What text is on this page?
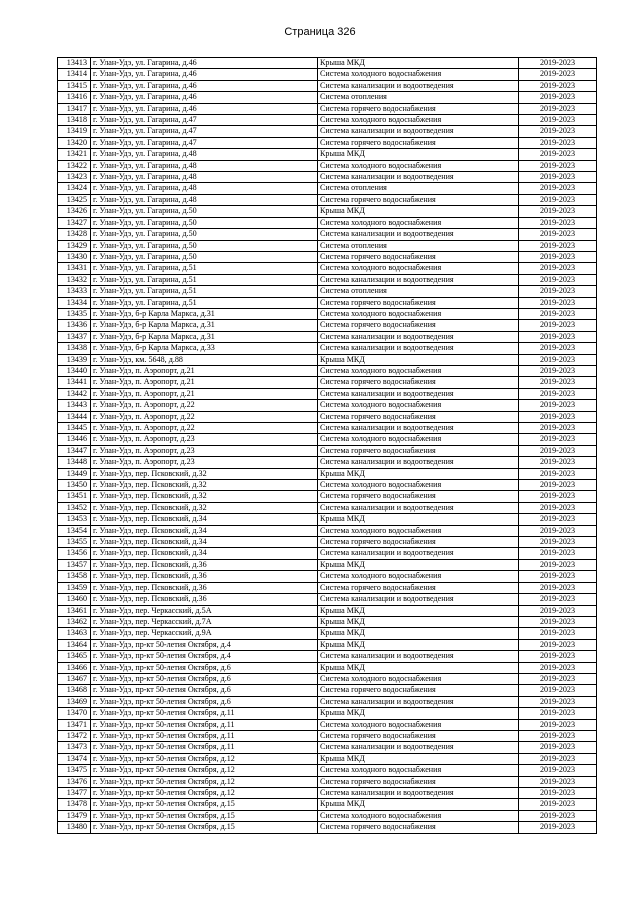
Страница 326
13413	г. Улан-Удэ, ул. Гагарина, д.46	Крыша МКД	2019-2023
13414	г. Улан-Удэ, ул. Гагарина, д.46	Система холодного водоснабжения	2019-2023
13415	г. Улан-Удэ, ул. Гагарина, д.46	Система канализации и водоотведения	2019-2023
13416	г. Улан-Удэ, ул. Гагарина, д.46	Система отопления	2019-2023
13417	г. Улан-Удэ, ул. Гагарина, д.46	Система горячего водоснабжения	2019-2023
13418	г. Улан-Удэ, ул. Гагарина, д.47	Система холодного водоснабжения	2019-2023
13419	г. Улан-Удэ, ул. Гагарина, д.47	Система канализации и водоотведения	2019-2023
13420	г. Улан-Удэ, ул. Гагарина, д.47	Система горячего водоснабжения	2019-2023
13421	г. Улан-Удэ, ул. Гагарина, д.48	Крыша МКД	2019-2023
13422	г. Улан-Удэ, ул. Гагарина, д.48	Система холодного водоснабжения	2019-2023
13423	г. Улан-Удэ, ул. Гагарина, д.48	Система канализации и водоотведения	2019-2023
13424	г. Улан-Удэ, ул. Гагарина, д.48	Система отопления	2019-2023
13425	г. Улан-Удэ, ул. Гагарина, д.48	Система горячего водоснабжения	2019-2023
13426	г. Улан-Удэ, ул. Гагарина, д.50	Крыша МКД	2019-2023
13427	г. Улан-Удэ, ул. Гагарина, д.50	Система холодного водоснабжения	2019-2023
13428	г. Улан-Удэ, ул. Гагарина, д.50	Система канализации и водоотведения	2019-2023
13429	г. Улан-Удэ, ул. Гагарина, д.50	Система отопления	2019-2023
13430	г. Улан-Удэ, ул. Гагарина, д.50	Система горячего водоснабжения	2019-2023
13431	г. Улан-Удэ, ул. Гагарина, д.51	Система холодного водоснабжения	2019-2023
13432	г. Улан-Удэ, ул. Гагарина, д.51	Система канализации и водоотведения	2019-2023
13433	г. Улан-Удэ, ул. Гагарина, д.51	Система отопления	2019-2023
13434	г. Улан-Удэ, ул. Гагарина, д.51	Система горячего водоснабжения	2019-2023
13435	г. Улан-Удэ, б-р Карла Маркса, д.31	Система холодного водоснабжения	2019-2023
13436	г. Улан-Удэ, б-р Карла Маркса, д.31	Система горячего водоснабжения	2019-2023
13437	г. Улан-Удэ, б-р Карла Маркса, д.31	Система канализации и водоотведения	2019-2023
13438	г. Улан-Удэ, б-р Карла Маркса, д.33	Система канализации и водоотведения	2019-2023
13439	г. Улан-Удэ, км. 5648, д.88	Крыша МКД	2019-2023
13440	г. Улан-Удэ, п. Аэропорт, д.21	Система холодного водоснабжения	2019-2023
13441	г. Улан-Удэ, п. Аэропорт, д.21	Система горячего водоснабжения	2019-2023
13442	г. Улан-Удэ, п. Аэропорт, д.21	Система канализации и водоотведения	2019-2023
13443	г. Улан-Удэ, п. Аэропорт, д.22	Система холодного водоснабжения	2019-2023
13444	г. Улан-Удэ, п. Аэропорт, д.22	Система горячего водоснабжения	2019-2023
13445	г. Улан-Удэ, п. Аэропорт, д.22	Система канализации и водоотведения	2019-2023
13446	г. Улан-Удэ, п. Аэропорт, д.23	Система холодного водоснабжения	2019-2023
13447	г. Улан-Удэ, п. Аэропорт, д.23	Система горячего водоснабжения	2019-2023
13448	г. Улан-Удэ, п. Аэропорт, д.23	Система канализации и водоотведения	2019-2023
13449	г. Улан-Удэ, пер. Псковский, д.32	Крыша МКД	2019-2023
13450	г. Улан-Удэ, пер. Псковский, д.32	Система холодного водоснабжения	2019-2023
13451	г. Улан-Удэ, пер. Псковский, д.32	Система горячего водоснабжения	2019-2023
13452	г. Улан-Удэ, пер. Псковский, д.32	Система канализации и водоотведения	2019-2023
13453	г. Улан-Удэ, пер. Псковский, д.34	Крыша МКД	2019-2023
13454	г. Улан-Удэ, пер. Псковский, д.34	Система холодного водоснабжения	2019-2023
13455	г. Улан-Удэ, пер. Псковский, д.34	Система горячего водоснабжения	2019-2023
13456	г. Улан-Удэ, пер. Псковский, д.34	Система канализации и водоотведения	2019-2023
13457	г. Улан-Удэ, пер. Псковский, д.36	Крыша МКД	2019-2023
13458	г. Улан-Удэ, пер. Псковский, д.36	Система холодного водоснабжения	2019-2023
13459	г. Улан-Удэ, пер. Псковский, д.36	Система горячего водоснабжения	2019-2023
13460	г. Улан-Удэ, пер. Псковский, д.36	Система канализации и водоотведения	2019-2023
13461	г. Улан-Удэ, пер. Черкасский, д.5А	Крыша МКД	2019-2023
13462	г. Улан-Удэ, пер. Черкасский, д.7А	Крыша МКД	2019-2023
13463	г. Улан-Удэ, пер. Черкасский, д.9А	Крыша МКД	2019-2023
13464	г. Улан-Удэ, пр-кт 50-летия Октября, д.4	Крыша МКД	2019-2023
13465	г. Улан-Удэ, пр-кт 50-летия Октября, д.4	Система канализации и водоотведения	2019-2023
13466	г. Улан-Удэ, пр-кт 50-летия Октября, д.6	Крыша МКД	2019-2023
13467	г. Улан-Удэ, пр-кт 50-летия Октября, д.6	Система холодного водоснабжения	2019-2023
13468	г. Улан-Удэ, пр-кт 50-летия Октября, д.6	Система горячего водоснабжения	2019-2023
13469	г. Улан-Удэ, пр-кт 50-летия Октября, д.6	Система канализации и водоотведения	2019-2023
13470	г. Улан-Удэ, пр-кт 50-летия Октября, д.11	Крыша МКД	2019-2023
13471	г. Улан-Удэ, пр-кт 50-летия Октября, д.11	Система холодного водоснабжения	2019-2023
13472	г. Улан-Удэ, пр-кт 50-летия Октября, д.11	Система горячего водоснабжения	2019-2023
13473	г. Улан-Удэ, пр-кт 50-летия Октября, д.11	Система канализации и водоотведения	2019-2023
13474	г. Улан-Удэ, пр-кт 50-летия Октября, д.12	Крыша МКД	2019-2023
13475	г. Улан-Удэ, пр-кт 50-летия Октября, д.12	Система холодного водоснабжения	2019-2023
13476	г. Улан-Удэ, пр-кт 50-летия Октября, д.12	Система горячего водоснабжения	2019-2023
13477	г. Улан-Удэ, пр-кт 50-летия Октября, д.12	Система канализации и водоотведения	2019-2023
13478	г. Улан-Удэ, пр-кт 50-летия Октября, д.15	Крыша МКД	2019-2023
13479	г. Улан-Удэ, пр-кт 50-летия Октября, д.15	Система холодного водоснабжения	2019-2023
13480	г. Улан-Удэ, пр-кт 50-летия Октября, д.15	Система горячего водоснабжения	2019-2023
